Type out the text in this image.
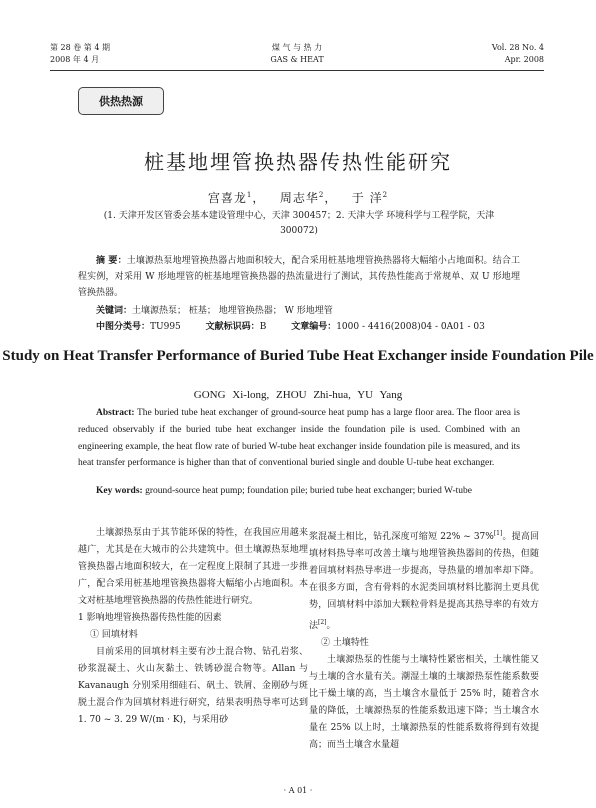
第 28 卷 第 4 期
2008 年 4 月
煤 气 与 热 力
GAS & HEAT
Vol. 28 No. 4
Apr. 2008
供热热源
桩基地埋管换热器传热性能研究
宫喜龙$^1$，   周志华$^2$，   于 洋$^2$
(1. 天津开发区管委会基本建设管理中心，天津 300457；2. 天津大学 环境科学与工程学院，天津 300072)
摘 要：土壤源热泵地埋管换热器占地面积较大，配合采用桩基地埋管换热器将大幅缩小占地面积。结合工程实例，对采用 W 形地埋管的桩基地埋管换热器的热流量进行了测试，其传热性能高于常规单、双 U 形地埋管换热器。
关键词：土壤源热泵； 桩基； 地埋管换热器； W 形地埋管
中图分类号：TU995	文献标识码：B	文章编号：1000 - 4416(2008)04 - 0A01 - 03
Study on Heat Transfer Performance of Buried Tube Heat Exchanger inside Foundation Pile
GONG Xi-long, ZHOU Zhi-hua, YU Yang
Abstract: The buried tube heat exchanger of ground-source heat pump has a large floor area. The floor area is reduced observably if the buried tube heat exchanger inside the foundation pile is used. Combined with an engineering example, the heat flow rate of buried W-tube heat exchanger inside foundation pile is measured, and its heat transfer performance is higher than that of conventional buried single and double U-tube heat exchanger.
Key words: ground-source heat pump; foundation pile; buried tube heat exchanger; buried W-tube

土壤源热泵由于其节能环保的特性，在我国应用越来越广，尤其是在大城市的公共建筑中。但土壤源热泵地埋管换热器占地面积较大，在一定程度上限制了其进一步推广，配合采用桩基地埋管换热器将大幅缩小占地面积。本文对桩基地埋管换热器的传热性能进行研究。

1 影响地埋管换热器传热性能的因素

① 回填材料

目前采用的回填材料主要有沙土混合物、钻孔岩浆、砂浆混凝土、火山灰黏土、铁锈砂混合物等。Allan 与 Kavanaugh 分别采用细硅石、矾土、铁屑、金刚砂与斑脱土混合作为回填材料进行研究，结果表明热导率可达到 1. 70 ~ 3. 29 W/(m · K)，与采用砂

浆混凝土相比，钻孔深度可缩短 22% ~ 37%[1]。提高回填材料热导率可改善土壤与地埋管换热器间的传热，但随着回填材料热导率进一步提高，导热量的增加率却下降。在很多方面，含有骨料的水泥类回填材料比膨润土更具优势，回填材料中添加大颗粒骨料是提高其热导率的有效方法[2]。

② 土壤特性

土壤源热泵的性能与土壤特性紧密相关，土壤性能又与土壤的含水量有关。潮湿土壤的土壤源热泵性能系数要比干燥土壤的高，当土壤含水量低于 25% 时，随着含水量的降低，土壤源热泵的性能系数迅速下降；当土壤含水量在 25% 以上时，土壤源热泵的性能系数将得到有效提高；而当土壤含水量超

· A 01 ·
